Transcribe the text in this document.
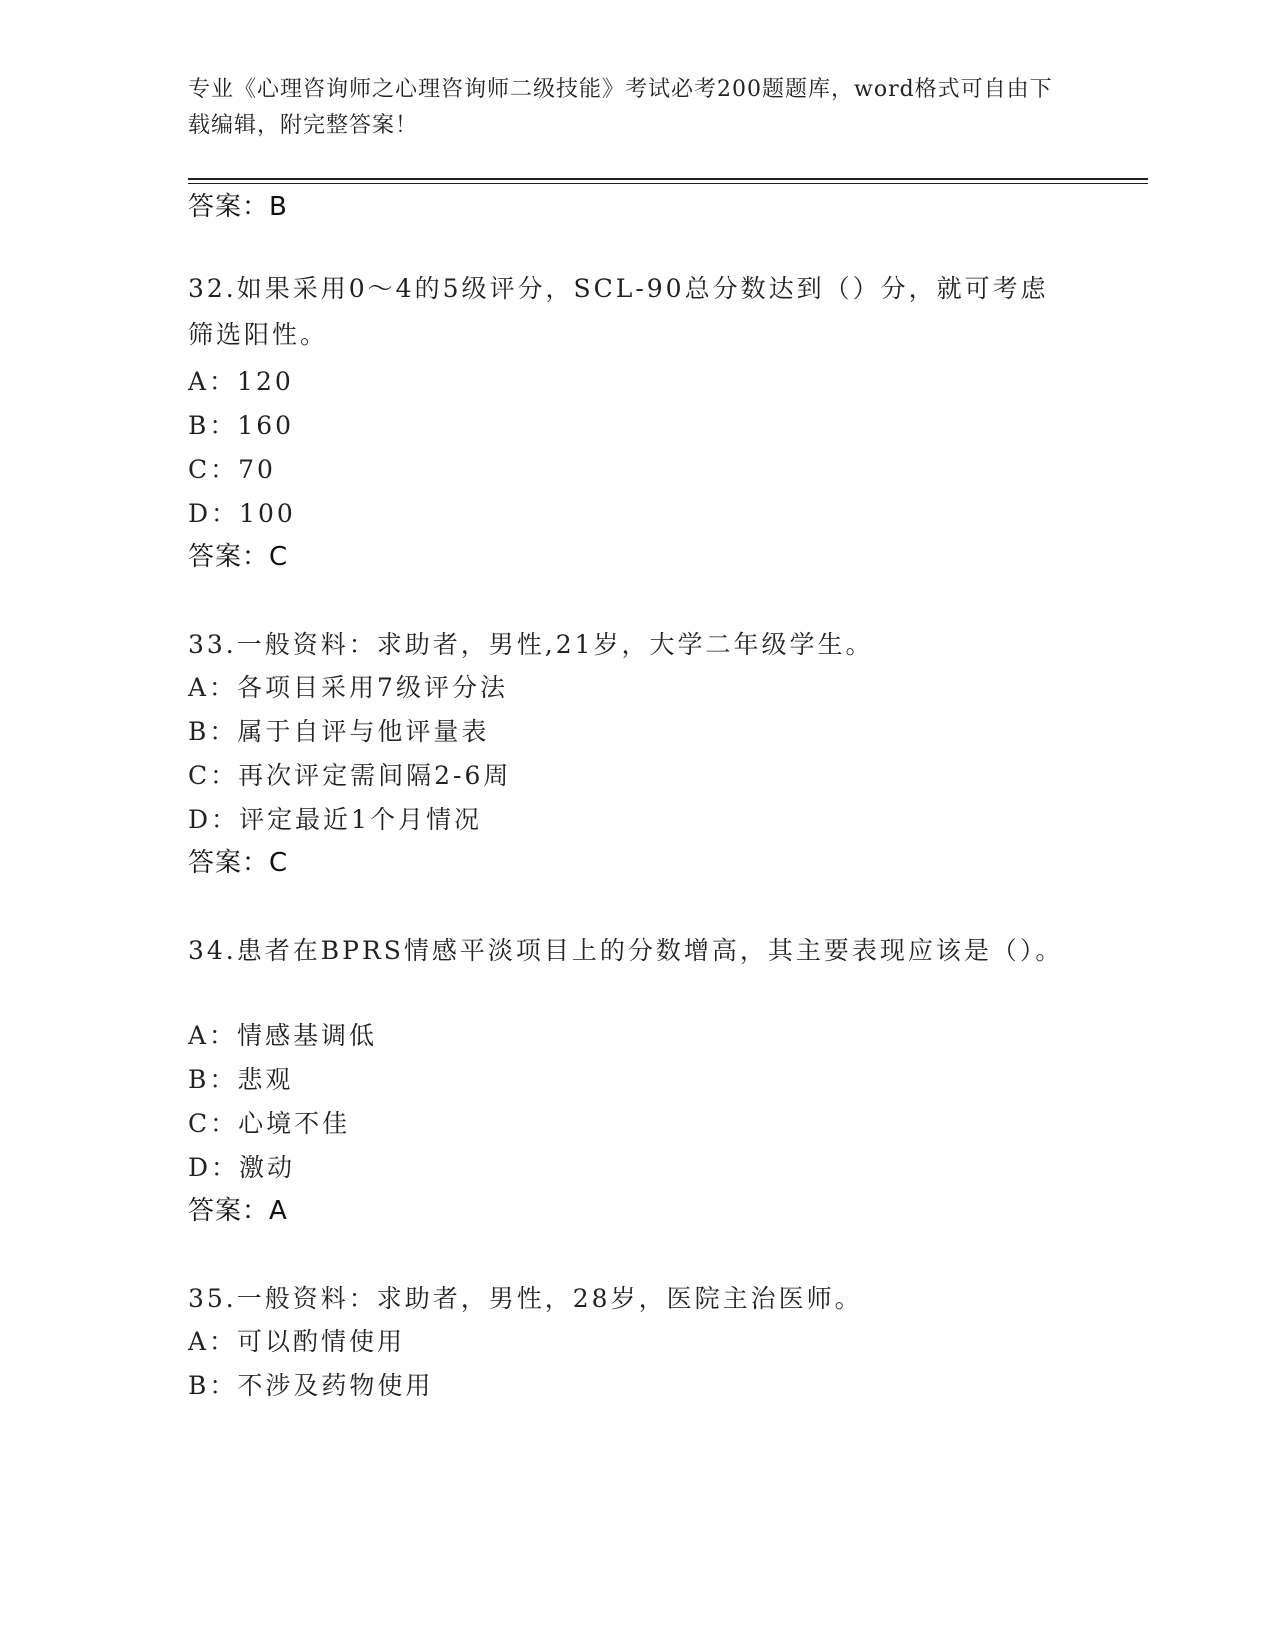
专业《心理咨询师之心理咨询师二级技能》考试必考200题题库，word格式可自由下载编辑，附完整答案！
答案：B
32.如果采用0～4的5级评分，SCL-90总分数达到（）分，就可考虑筛选阳性。
A：120
B：160
C：70
D：100
答案：C
33.一般资料：求助者，男性,21岁，大学二年级学生。
A：各项目采用7级评分法
B：属于自评与他评量表
C：再次评定需间隔2-6周
D：评定最近1个月情况
答案：C
34.患者在BPRS情感平淡项目上的分数增高，其主要表现应该是（）。
A：情感基调低
B：悲观
C：心境不佳
D：激动
答案：A
35.一般资料：求助者，男性，28岁，医院主治医师。
A：可以酌情使用
B：不涉及药物使用
